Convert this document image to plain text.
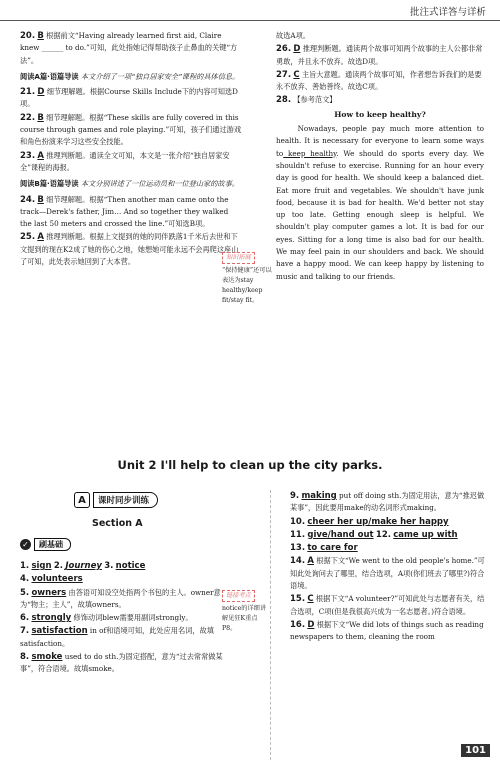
批注式详答与详析
20. B 根据前文“Having already learned first aid, Claire knew ______ to do.”可知，此处指她记得帮助孩子止鼻血的关键“方法”。
阅读A篇·语篇导读 本文介绍了一项“独自居家安全”课程的具体信息。
21. D 细节理解题。根据Course Skills Include下的内容可知选D项。
22. B 细节理解题。根据“These skills are fully covered in this course through games and role playing.”可知，孩子们通过游戏和角色扮演来学习这些安全技能。
23. A 推理判断题。通读全文可知，本文是一张介绍“独自居家安全”课程的海报。
阅读B篇·语篇导读 本文分别讲述了一位运动员和一位登山家的故事。
24. B 细节理解题。根据“Then another man came onto the track—Derek's father, Jim… And so together they walked the last 50 meters and crossed the line.”可知选B项。
25. A 推理判断题。根据上文提到的她的同伴跌落1千米后去世和下文提到的现在K2成了她的伤心之地，她想她可能永远不会再爬这座山了可知，此处表示她回到了大本营。
故选A项。
26. D 推理判断题。通读两个故事可知两个故事的主人公都非常勇敢，并且永不放弃。故选D项。
27. C 主旨大意题。通读两个故事可知，作者想告诉我们的是要永不放弃、善始善终。故选C项。
28. 【参考范文】
How to keep healthy?
Nowadays, people pay much more attention to health. It is necessary for everyone to learn some ways to keep healthy. We should do sports every day. We shouldn't refuse to exercise. Running for an hour every day is good for health. We should keep a balanced diet. Eat more fruit and vegetables. We shouldn't have junk food, because it is bad for health. We'd better not stay up too late. Getting enough sleep is helpful. We shouldn't play computer games a lot. It is bad for our eyes. Sitting for a long time is also bad for our health. We may feel pain in our shoulders and back. We should have a happy mood. We can keep happy by listening to music and talking to our friends.
知识拓展
“保持健康”还可以表达为stay healthy/keep fit/stay fit。
Unit 2 I'll help to clean up the city parks.
A	课时同步训练
Section A
✓	刷基础
链接考点
notice的详细讲解见狂K重点P8。
1. sign 2. Journey 3. notice
4. volunteers
5. owners 由答语可知设空处指两个书包的主人。owner意为“物主；主人”，故填owners。
6. strongly 修饰动词blew需要用副词strongly。
7. satisfaction in of和语境可知，此处应用名词，故填satisfaction。
8. smoke used to do sth.为固定搭配，意为“过去常常做某事”，符合语境。故填smoke。
9. making put off doing sth.为固定用法，意为“推迟做某事”，因此要用make的动名词形式making。
10. cheer her up/make her happy
11. give/hand out 12. came up with
13. to care for
14. A 根据下文“We went to the old people's home.”可知此处询问去了哪里，结合选项，A项(你们班去了哪里?)符合语境。
15. C 根据下文“A volunteer?”可知此处与志愿者有关，结合选项，C项(但是我很高兴成为一名志愿者。)符合语境。
16. D 根据下文“We did lots of things such as reading newspapers to them, cleaning the room
101
